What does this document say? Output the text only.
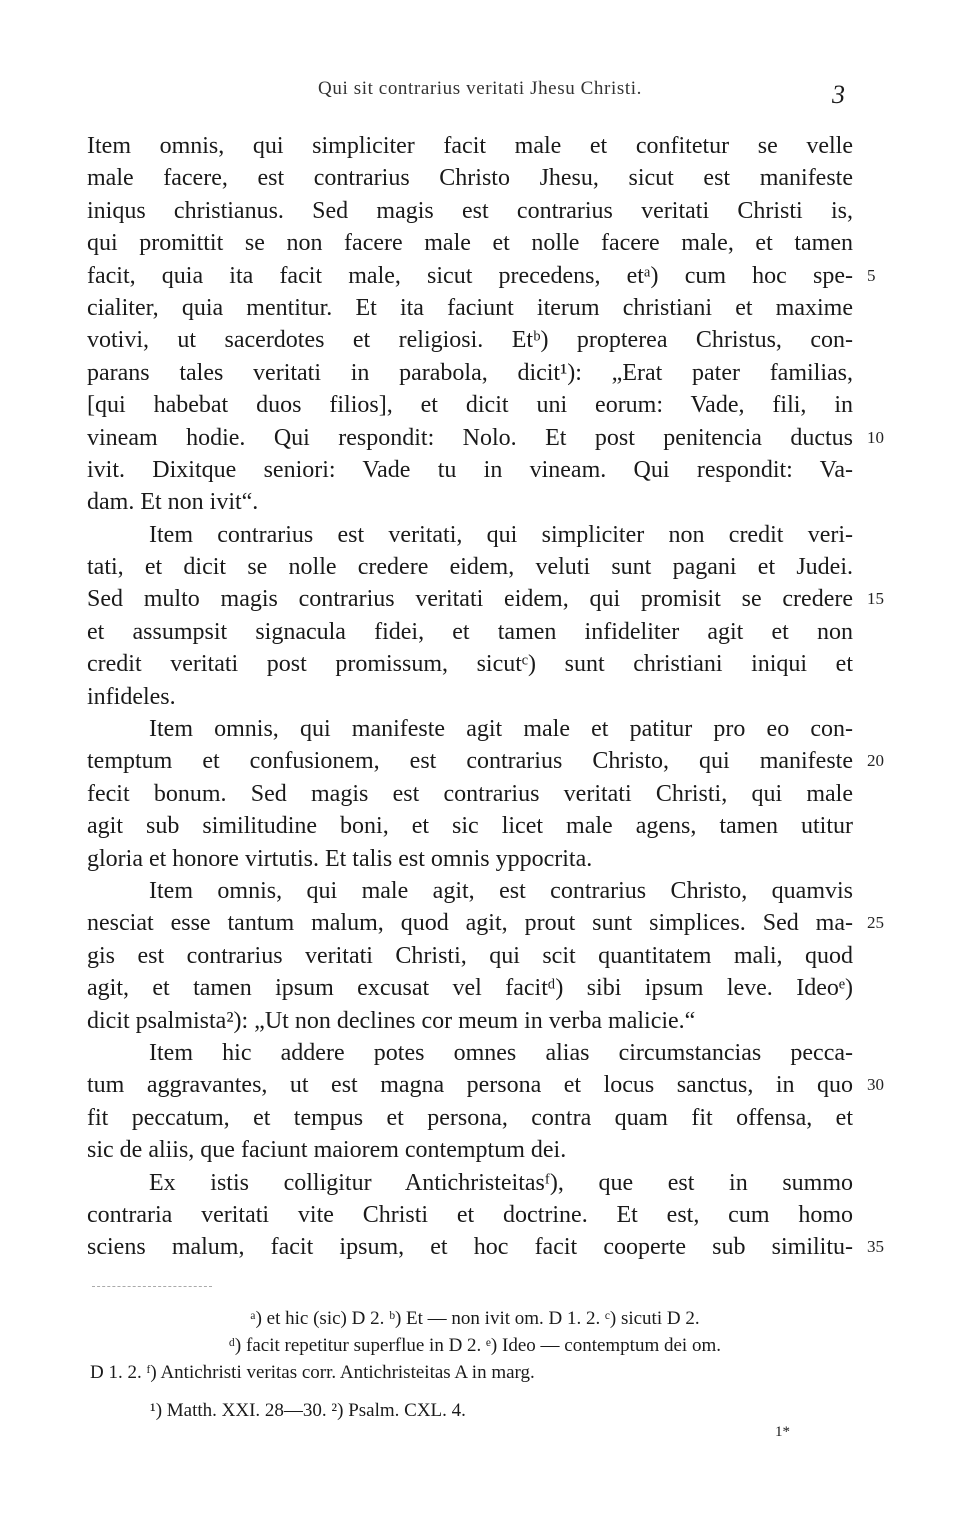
Qui sit contrarius veritati Jhesu Christi.	3
Item omnis, qui simpliciter facit male et confitetur se velle
male facere, est contrarius Christo Jhesu, sicut est manifeste
iniqus christianus. Sed magis est contrarius veritati Christi is,
qui promittit se non facere male et nolle facere male, et tamen
facit, quia ita facit male, sicut precedens, etᵃ) cum hoc spe- 5
cialiter, quia mentitur. Et ita faciunt iterum christiani et maxime
votivi, ut sacerdotes et religiosi. Etᵇ) propterea Christus, con-
parans tales veritati in parabola, dicit¹): „Erat pater familias,
[qui habebat duos filios], et dicit uni eorum: Vade, fili, in
vineam hodie. Qui respondit: Nolo. Et post penitencia ductus 10
ivit. Dixitque seniori: Vade tu in vineam. Qui respondit: Va-
dam. Et non ivit“.
Item contrarius est veritati, qui simpliciter non credit veri-
tati, et dicit se nolle credere eidem, veluti sunt pagani et Judei.
Sed multo magis contrarius veritati eidem, qui promisit se credere 15
et assumpsit signacula fidei, et tamen infideliter agit et non
credit veritati post promissum, sicutᶜ) sunt christiani iniqui et
infideles.
Item omnis, qui manifeste agit male et patitur pro eo con-
temptum et confusionem, est contrarius Christo, qui manifeste 20
fecit bonum. Sed magis est contrarius veritati Christi, qui male
agit sub similitudine boni, et sic licet male agens, tamen utitur
gloria et honore virtutis. Et talis est omnis yppocrita.
Item omnis, qui male agit, est contrarius Christo, quamvis
nesciat esse tantum malum, quod agit, prout sunt simplices. Sed ma- 25
gis est contrarius veritati Christi, qui scit quantitatem mali, quod
agit, et tamen ipsum excusat vel facitᵈ) sibi ipsum leve. Ideoᵉ)
dicit psalmista²): „Ut non declines cor meum in verba malicie.“
Item hic addere potes omnes alias circumstancias pecca-
tum aggravantes, ut est magna persona et locus sanctus, in quo 30
fit peccatum, et tempus et persona, contra quam fit offensa, et
sic de aliis, que faciunt maiorem contemptum dei.
Ex istis colligitur Antichristeitasᶠ), que est in summo
contraria veritati vite Christi et doctrine. Et est, cum homo
sciens malum, facit ipsum, et hoc facit cooperte sub similitu- 35
ᵃ) et hic (sic) D 2. ᵇ) Et — non ivit om. D 1. 2. ᶜ) sicuti D 2.
ᵈ) facit repetitur superflue in D 2. ᵉ) Ideo — contemptum dei om.
D 1. 2. ᶠ) Antichristi veritas corr. Antichristeitas A in marg.
¹) Matth. XXI. 28—30. ²) Psalm. CXL. 4.
1*
